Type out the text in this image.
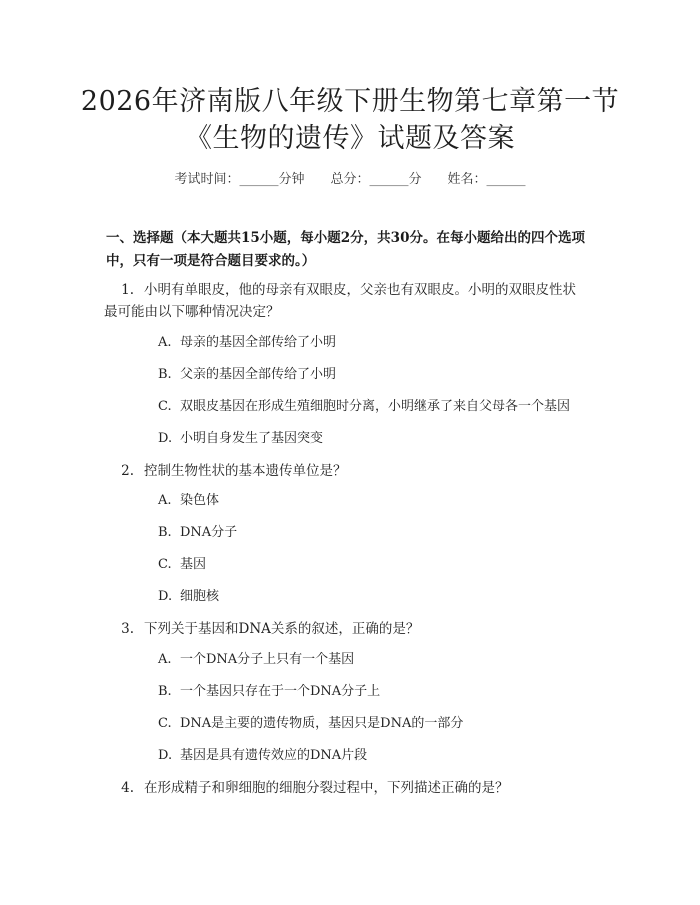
2026年济南版八年级下册生物第七章第一节
《生物的遗传》试题及答案
考试时间：______分钟 总分：______分 姓名：______
一、选择题（本大题共15小题，每小题2分，共30分。在每小题给出的四个选项中，只有一项是符合题目要求的。）
1. 小明有单眼皮，他的母亲有双眼皮，父亲也有双眼皮。小明的双眼皮性状
最可能由以下哪种情况决定？
A. 母亲的基因全部传给了小明
B. 父亲的基因全部传给了小明
C. 双眼皮基因在形成生殖细胞时分离，小明继承了来自父母各一个基因
D. 小明自身发生了基因突变
2. 控制生物性状的基本遗传单位是？
A. 染色体
B. DNA分子
C. 基因
D. 细胞核
3. 下列关于基因和DNA关系的叙述，正确的是？
A. 一个DNA分子上只有一个基因
B. 一个基因只存在于一个DNA分子上
C. DNA是主要的遗传物质，基因只是DNA的一部分
D. 基因是具有遗传效应的DNA片段
4. 在形成精子和卵细胞的细胞分裂过程中，下列描述正确的是？
